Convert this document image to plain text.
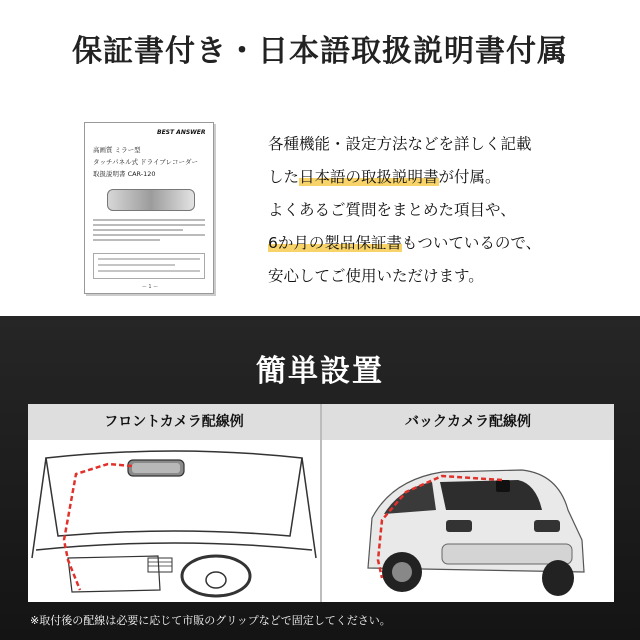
保証書付き・日本語取扱説明書付属
BEST ANSWER
高画質 ミラー型
タッチパネル式 ドライブレコーダー
取扱説明書 CAR-120
ー 1 ー
各種機能・設定方法などを詳しく記載
した日本語の取扱説明書が付属。
よくあるご質問をまとめた項目や、
6か月の製品保証書もついているので、
安心してご使用いただけます。
簡単設置
フロントカメラ配線例	バックカメラ配線例

※取付後の配線は必要に応じて市販のグリップなどで固定してください。
